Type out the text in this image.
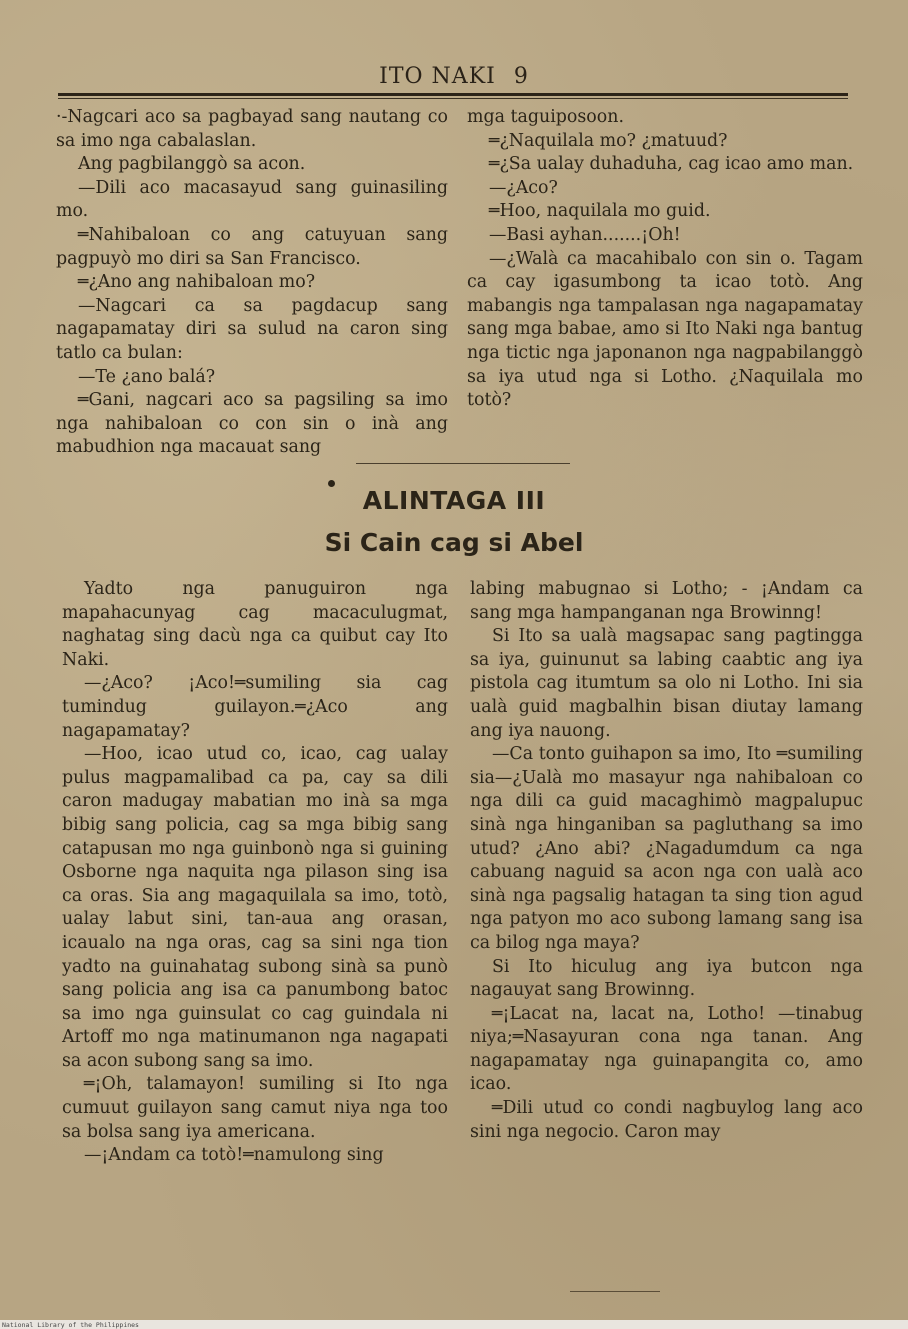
ITO NAKI 9

·-Nagcari aco sa pagbayad sang nautang co sa imo nga cabalaslan.

Ang pagbilanggò sa acon.

—Dili aco macasayud sang guinasiling mo.

═Nahibaloan co ang catuyuan sang pagpuyò mo diri sa San Francisco.

═¿Ano ang nahibaloan mo?

—Nagcari ca sa pagdacup sang nagapamatay diri sa sulud na caron sing tatlo ca bulan:

—Te ¿ano balá?

═Gani, nagcari aco sa pagsiling sa imo nga nahibaloan co con sin o inà ang mabudhion nga macauat sang

mga taguiposoon.

═¿Naquilala mo? ¿matuud?

═¿Sa ualay duhaduha, cag icao amo man.

—¿Aco?

═Hoo, naquilala mo guid.

—Basi ayhan.......¡Oh!

—¿Walà ca macahibalo con sin o. Tagam ca cay igasumbong ta icao totò. Ang mabangis nga tampalasan nga nagapamatay sang mga babae, amo si Ito Naki nga bantug nga tictic nga japonanon nga nagpabilanggò sa iya utud nga si Lotho. ¿Naquilala mo totò?

ALINTAGA III
Si Cain cag si Abel

Yadto nga panuguiron nga mapahacunyag cag macaculugmat, naghatag sing dacù nga ca quibut cay Ito Naki.

—¿Aco? ¡Aco!═sumiling sia cag tumindug guilayon.═¿Aco ang nagapamatay?

—Hoo, icao utud co, icao, cag ualay pulus magpamalibad ca pa, cay sa dili caron madugay mabatian mo inà sa mga bibig sang policia, cag sa mga bibig sang catapusan mo nga guinbonò nga si guining Osborne nga naquita nga pilason sing isa ca oras. Sia ang magaquilala sa imo, totò, ualay labut sini, tan-aua ang orasan, icaualo na nga oras, cag sa sini nga tion yadto na guinahatag subong sinà sa punò sang policia ang isa ca panumbong batoc sa imo nga guinsulat co cag guindala ni Artoff mo nga matinumanon nga nagapati sa acon subong sang sa imo.

═¡Oh, talamayon! sumiling si Ito nga cumuut guilayon sang camut niya nga too sa bolsa sang iya americana.

—¡Andam ca totò!═namulong sing

labing mabugnao si Lotho; - ¡Andam ca sang mga hampanganan nga Browinng!

Si Ito sa ualà magsapac sang pagtingga sa iya, guinunut sa labing caabtic ang iya pistola cag itumtum sa olo ni Lotho. Ini sia ualà guid magbalhin bisan diutay lamang ang iya nauong.

—Ca tonto guihapon sa imo, Ito ═sumiling sia—¿Ualà mo masayur nga nahibaloan co nga dili ca guid macaghimò magpalupuc sinà nga hinganiban sa pagluthang sa imo utud? ¿Ano abi? ¿Nagadumdum ca nga cabuang naguid sa acon nga con ualà aco sinà nga pagsalig hatagan ta sing tion agud nga patyon mo aco subong lamang sang isa ca bilog nga maya?

Si Ito hiculug ang iya butcon nga nagauyat sang Browinng.

═¡Lacat na, lacat na, Lotho! —tinabug niya;═Nasayuran cona nga tanan. Ang nagapamatay nga guinapangita co, amo icao.

═Dili utud co condi nagbuylog lang aco sini nga negocio. Caron may

National Library of the Philippines
